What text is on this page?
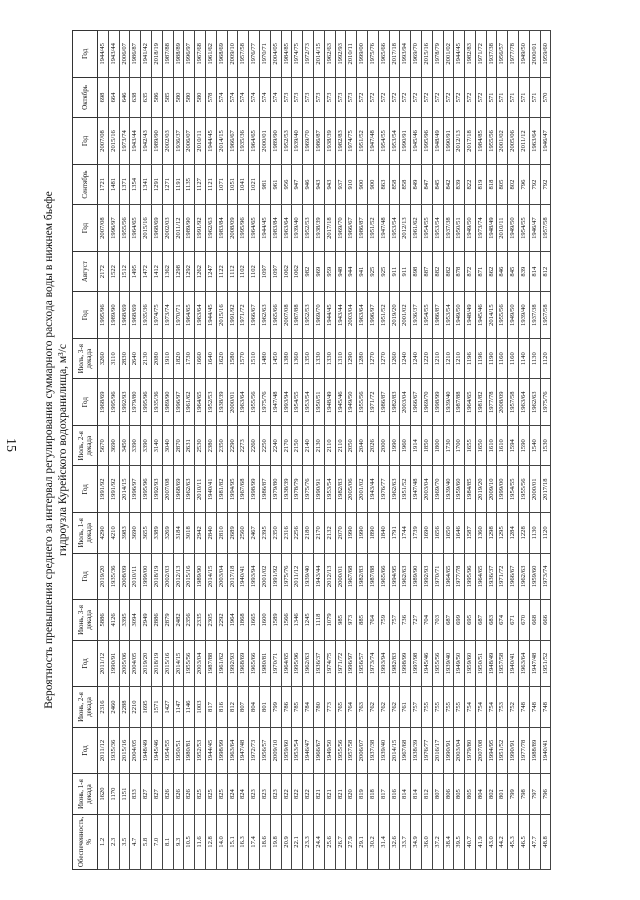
15 Вероятность превышения среднего за интервал регулирования суммарного расхода воды в нижнем бьефе гидроузла Курейского водохранилища, м³/с
Обеспеченность, %	Июнь, 1-я декада	Год	Июнь, 2-я декада	Год	Июнь, 3-я декада	Год	Июль, 1-я декада	Год	Июль, 2-я декада	Год	Июль, 3-я декада	Год	Август	Год	Сентябрь	Год	Октябрь	Год
1.2	1620	2011/12	2316	2011/12	5886	2019/20	4290	1991/92	5670	1968/69	3260	1995/96	2172	2007/08	1721	2007/08	698	1944/45
2.3	1170	1935/36	2460	1990/91	4126	1935/36	4210	1991/92	3690	1995/96	3110	1989/90	1522	1996/97	1481	2015/16	664	1943/44
3.5	1151	2015/16	2288	2005/06	3395	2008/09	3983	2014/15	3450	1992/93	2830	1968/69	1512	1955/56	1371	1973/74	646	2006/07
4.7	833	2004/05	2210	2004/05	3094	2010/11	3690	1996/97	3390	1979/80	2640	1968/69	1495	1964/65	1354	1943/44	638	1986/87
5.8	827	1948/49	1695	2019/20	2949	1999/00	3655	1995/96	3390	1995/96	2130	1935/36	1472	2015/16	1341	1942/43	635	1941/42
7.0	827	1945/46	1571	2018/19	2886	2018/19	3389	1992/93	3140	1935/36	2080	1974/75	1412	1968/69	1291	1989/90	586	2018/19
8.1	826	1954/55	1427	2015/16	2879	2002/03	3269	2007/08	3040	1989/90	1910	1973/74	1362	2002/03	1271	2002/03	585	1987/88
9.3	826	1950/51	1147	2014/15	2482	2012/13	3184	1968/69	2870	1996/97	1820	1970/71	1298	2011/12	1191	1936/37	580	1988/89
10.5	826	1980/81	1146	1955/56	2356	2015/16	3018	1962/63	2631	1961/62	1730	1964/65	1292	1989/90	1135	2006/07	580	1996/97
11.6	825	1952/53	1003	2003/04	2335	1989/90	2942	2010/11	2530	1964/65	1660	1963/64	1262	1991/92	1127	2010/11	580	1967/68
12.8	825	1944/45	817	1987/88	2305	2014/15	2840	1940/41	2380	1952/53	1640	1944/45	1247	1962/63	1121	1944/45	578	1961/62
14.0	825	1998/99	816	1961/62	2292	2003/04	2810	1981/82	2350	1938/39	1620	2015/16	1122	1983/84	1071	2014/15	574	1968/69
15.1	824	1963/64	812	1992/93	1964	2017/18	2689	1994/95	2290	2000/01	1580	1991/92	1112	2008/09	1051	1966/67	574	2009/10
16.3	824	1947/48	807	1968/69	1868	1940/41	2560	1967/68	2273	1963/64	1570	1971/72	1102	1995/96	1041	1935/36	574	1957/58
17.4	823	1972/73	804	1965/66	1665	1993/94	2467	1998/99	2260	1955/56	1510	1966/67	1102	1964/65	1021	1964/65	574	1976/77
18.6	823	1956/57	801	1980/81	1600	2001/02	2395	1986/87	2250	1975/76	1480	1962/63	1097	1944/45	981	2000/01	574	1970/71
19.8	823	2009/10	799	1970/71	1589	1991/92	2350	1979/80	2240	1947/48	1450	1965/66	1097	1983/84	961	1989/90	574	2004/05
20.9	822	1959/60	786	1964/65	1566	1975/76	2316	1938/39	2170	1993/94	1380	2007/08	1062	1963/64	956	1952/53	573	1984/85
22.1	822	1953/54	785	1995/96	1346	2011/12	2256	1978/79	2150	1954/55	1360	1987/88	1062	1939/40	947	1939/40	573	1974/75
23.3	822	1946/47	784	1962/63	1245	1939/40	2180	1975/76	2140	1953/54	1350	1952/53	982	1952/53	946	1969/70	573	1972/73
24.4	821	1966/67	780	1936/37	1118	1943/44	2170	1990/91	2130	1950/51	1330	1969/70	969	1938/39	943	1986/87	573	2014/15
25.6	821	1949/50	773	1974/75	1079	2012/13	2132	1953/54	2110	1948/49	1330	1944/45	959	2017/18	943	1938/39	573	1962/63
26.7	821	1955/56	765	1971/72	985	2000/01	2070	1982/83	2110	1945/46	1310	1943/44	948	1969/70	937	1982/83	573	1992/93
27.9	820	1957/58	764	1996/97	973	1967/68	1990	2005/06	2050	1949/50	1290	2003/04	944	1966/67	910	1974/75	573	2010/11
29.1	819	2006/07	763	1956/57	885	1982/83	1990	2001/02	2040	1955/56	1280	1963/64	941	1986/87	900	1951/52	572	1999/00
30.2	818	1937/38	762	1973/74	764	1987/88	1890	1943/44	2026	1971/72	1270	1996/97	925	1951/52	900	1947/48	572	1975/76
31.4	817	1939/40	762	1993/94	759	1965/66	1840	1976/77	2000	1986/87	1270	1951/52	925	1947/48	863	1954/55	572	1965/66
32.6	816	2014/15	762	1982/83	757	1994/95	1791	1962/63	1990	1982/83	1260	2019/20	911	1953/54	858	1953/54	572	2017/18
33.7	814	1967/68	761	1998/99	736	1962/63	1744	1951/52	1960	2003/04	1240	2001/02	911	2012/13	858	1990/91	572	1993/94
34.9	814	1938/39	757	1997/98	727	1989/90	1739	1947/48	1914	1966/67	1240	1936/37	898	1961/62	849	1945/46	572	1969/70
36.0	812	1976/77	755	1945/46	704	1992/93	1690	2003/04	1850	1969/70	1220	1954/55	887	1954/55	847	1995/96	572	2015/16
37.2	807	2016/17	755	1955/56	703	1970/71	1656	1969/70	1800	1998/99	1210	1986/87	882	1953/54	845	1948/49	572	1978/79
38.4	806	1990/91	755	1939/40	687	1964/65	1650	1939/40	1730	1939/40	1210	1953/54	882	1937/38	842	1990/91	572	2001/02
39.5	805	2003/04	755	1949/50	699	1977/78	1646	1959/60	1700	1987/88	1210	1949/50	878	1950/51	839	2012/13	572	1944/45
40.7	805	1979/80	754	1959/60	695	1995/96	1587	1984/85	1655	1964/65	1196	1948/49	872	1949/50	822	2017/18	572	1982/83
41.9	804	2007/08	754	1950/51	687	1964/65	1360	2019/20	1650	1981/82	1196	1945/46	871	1973/74	819	1984/85	572	1971/72
43.0	802	1994/95	754	1948/49	683	1936/37	1298	2009/10	1610	1977/78	1190	2014/15	862	1948/49	818	1955/56	571	1937/38
44.2	801	1951/52	753	1957/58	674	1971/72	1295	1999/00	1610	2008/09	1160	1955/56	846	2010/11	805	2001/02	571	1956/57
45.3	799	1990/91	752	1940/41	671	1966/67	1284	1954/55	1594	1957/58	1160	1949/50	845	1949/50	802	2005/06	571	1977/78
46.5	798	1977/78	748	1963/64	670	1962/63	1228	1955/56	1590	1963/64	1140	1939/40	839	1954/55	796	2011/12	571	1949/50
47.7	797	1988/89	748	1947/48	668	1959/60	1130	2000/01	1540	1962/63	1130	1937/38	814	1946/47	792	1963/64	571	2000/01
48.8	796	1940/41	748	1951/52	666	1973/74	1120	2017/18	1530	1975/76	1120	1957/58	812	1957/58	792	1946/47	570	1959/60
